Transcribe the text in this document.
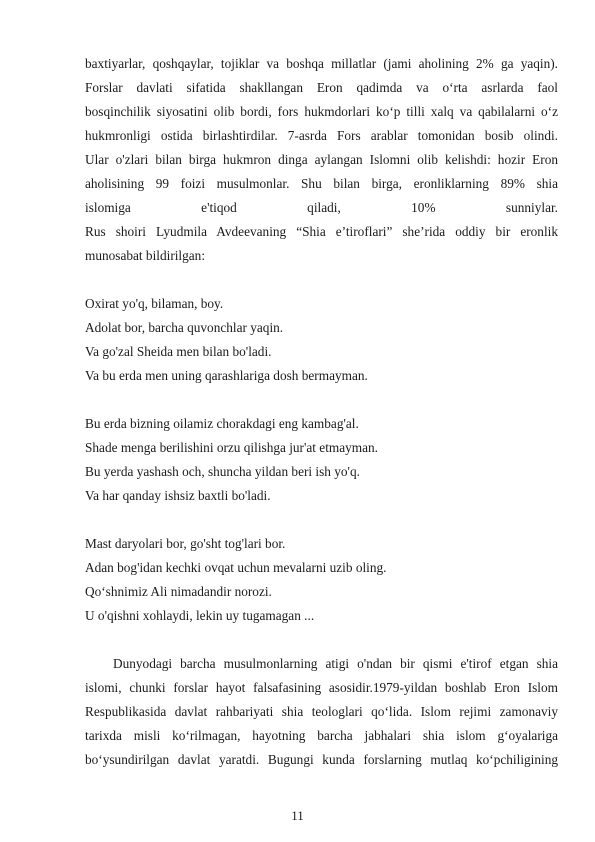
baxtiyarlar, qoshqaylar, tojiklar va boshqa millatlar (jami aholining 2% ga yaqin).
Forslar davlati sifatida shakllangan Eron qadimda va o‘rta asrlarda faol
bosqinchilik siyosatini olib bordi, fors hukmdorlari ko‘p tilli xalq va qabilalarni o‘z
hukmronligi ostida birlashtirdilar. 7-asrda Fors arablar tomonidan bosib olindi.
Ular o'zlari bilan birga hukmron dinga aylangan Islomni olib kelishdi: hozir Eron
aholisining 99 foizi musulmonlar. Shu bilan birga, eronliklarning 89% shia
islomiga e'tiqod qiladi, 10% sunniylar.
Rus shoiri Lyudmila Avdeevaning “Shia e’tiroflari” she’rida oddiy bir eronlik
munosabat bildirilgan:
Oxirat yo'q, bilaman, boy.
Adolat bor, barcha quvonchlar yaqin.
Va go'zal Sheida men bilan bo'ladi.
Va bu erda men uning qarashlariga dosh bermayman.
Bu erda bizning oilamiz chorakdagi eng kambag'al.
Shade menga berilishini orzu qilishga jur'at etmayman.
Bu yerda yashash och, shuncha yildan beri ish yo'q.
Va har qanday ishsiz baxtli bo'ladi.
Mast daryolari bor, go'sht tog'lari bor.
Adan bog'idan kechki ovqat uchun mevalarni uzib oling.
Qo‘shnimiz Ali nimadandir norozi.
U o'qishni xohlaydi, lekin uy tugamagan ...
Dunyodagi barcha musulmonlarning atigi o'ndan bir qismi e'tirof etgan shia
islomi, chunki forslar hayot falsafasining asosidir.1979-yildan boshlab Eron Islom
Respublikasida davlat rahbariyati shia teologlari qo‘lida. Islom rejimi zamonaviy
tarixda misli ko‘rilmagan, hayotning barcha jabhalari shia islom g‘oyalariga
bo‘ysundirilgan davlat yaratdi. Bugungi kunda forslarning mutlaq ko‘pchiligining
11
